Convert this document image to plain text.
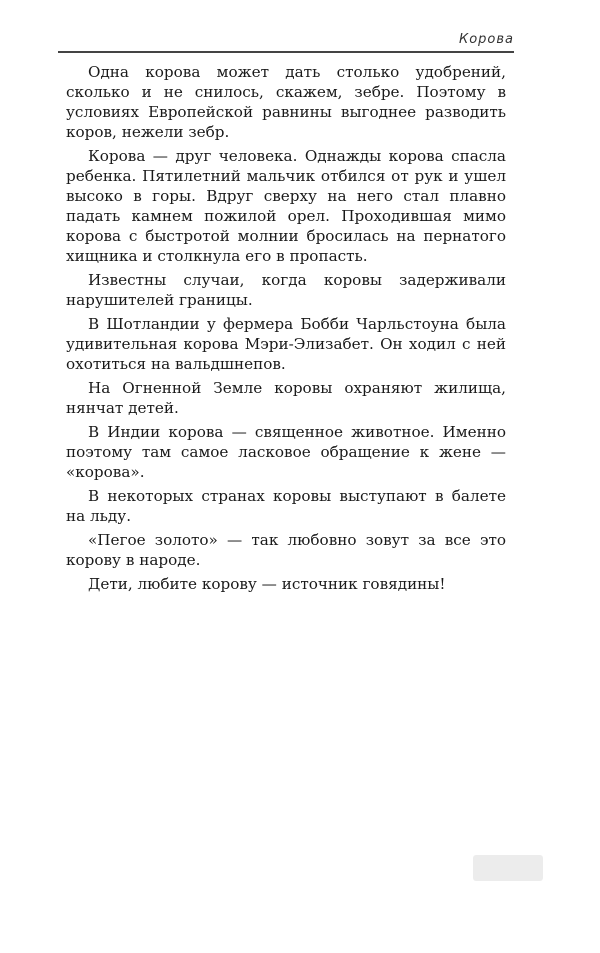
Корова

Одна корова может дать столько удобрений, сколько и не снилось, скажем, зебре. Поэтому в условиях Европейской равнины выгоднее разводить коров, нежели зебр.

Корова — друг человека. Однажды корова спасла ребенка. Пятилетний мальчик отбился от рук и ушел высоко в горы. Вдруг сверху на него стал плавно падать камнем пожилой орел. Проходившая мимо корова с быстротой молнии бросилась на пернатого хищника и столкнула его в пропасть.

Известны случаи, когда коровы задерживали нарушителей границы.

В Шотландии у фермера Бобби Чарльстоуна была удивительная корова Мэри-Элизабет. Он ходил с ней охотиться на вальдшнепов.

На Огненной Земле коровы охраняют жилища, нянчат детей.

В Индии корова — священное животное. Именно поэтому там самое ласковое обращение к жене — «корова».

В некоторых странах коровы выступают в балете на льду.

«Пегое золото» — так любовно зовут за все это корову в народе.

Дети, любите корову — источник говядины!
